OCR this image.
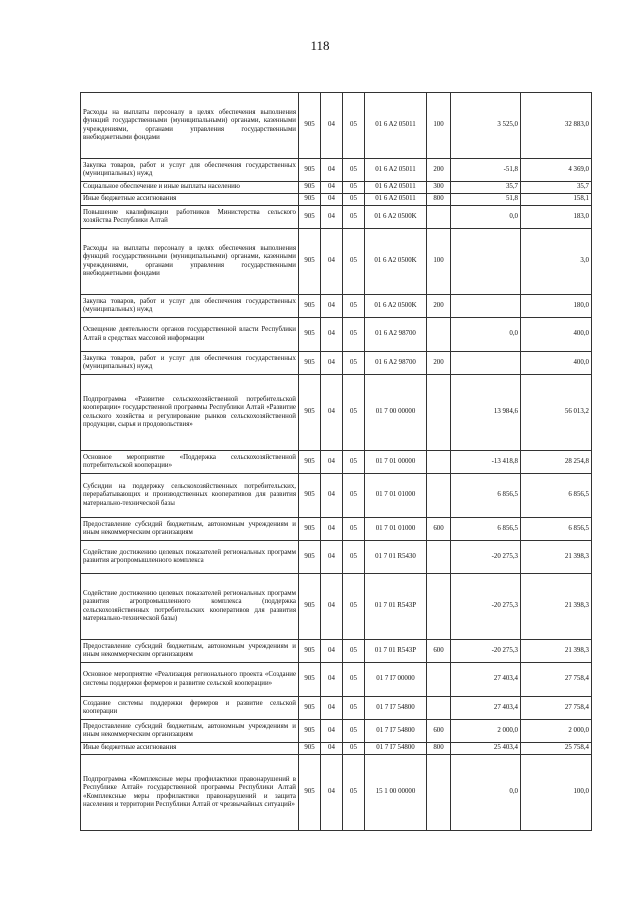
118
Расходы на выплаты персоналу в целях обеспечения выполнения функций государственными (муниципальными) органами, казенными учреждениями, органами управления государственными внебюджетными фондами	905	04	05	01 6 A2 05011	100	3 525,0	32 883,0
Закупка товаров, работ и услуг для обеспечения государственных (муниципальных) нужд	905	04	05	01 6 A2 05011	200	-51,8	4 369,0
Социальное обеспечение и иные выплаты населению	905	04	05	01 6 A2 05011	300	35,7	35,7
Иные бюджетные ассигнования	905	04	05	01 6 A2 05011	800	51,8	158,1
Повышение квалификации работников Министерства сельского хозяйства Республики Алтай	905	04	05	01 6 A2 0500K		0,0	183,0
Расходы на выплаты персоналу в целях обеспечения выполнения функций государственными (муниципальными) органами, казенными учреждениями, органами управления государственными внебюджетными фондами	905	04	05	01 6 A2 0500K	100		3,0
Закупка товаров, работ и услуг для обеспечения государственных (муниципальных) нужд	905	04	05	01 6 A2 0500K	200		180,0
Освещение деятельности органов государственной власти Республики Алтай в средствах массовой информации	905	04	05	01 6 A2 98700		0,0	400,0
Закупка товаров, работ и услуг для обеспечения государственных (муниципальных) нужд	905	04	05	01 6 A2 98700	200		400,0
Подпрограмма «Развитие сельскохозяйственной потребительской кооперации» государственной программы Республики Алтай «Развитие сельского хозяйства и регулирование рынков сельскохозяйственной продукции, сырья и продовольствия»	905	04	05	01 7 00 00000		13 984,6	56 013,2
Основное мероприятие «Поддержка сельскохозяйственной потребительской кооперации»	905	04	05	01 7 01 00000		-13 418,8	28 254,8
Субсидии на поддержку сельскохозяйственных потребительских, перерабатывающих и производственных кооперативов для развития материально-технической базы	905	04	05	01 7 01 01000		6 856,5	6 856,5
Предоставление субсидий бюджетным, автономным учреждениям и иным некоммерческим организациям	905	04	05	01 7 01 01000	600	6 856,5	6 856,5
Содействие достижению целевых показателей региональных программ развития агропромышленного комплекса	905	04	05	01 7 01 R5430		-20 275,3	21 398,3
Содействие достижению целевых показателей региональных программ развития агропромышленного комплекса (поддержка сельскохозяйственных потребительских кооперативов для развития материально-технической базы)	905	04	05	01 7 01 R543P		-20 275,3	21 398,3
Предоставление субсидий бюджетным, автономным учреждениям и иным некоммерческим организациям	905	04	05	01 7 01 R543P	600	-20 275,3	21 398,3
Основное мероприятие «Реализация регионального проекта «Создание системы поддержки фермеров и развитие сельской кооперации»	905	04	05	01 7 I7 00000		27 403,4	27 758,4
Создание системы поддержки фермеров и развитие сельской кооперации	905	04	05	01 7 I7 54800		27 403,4	27 758,4
Предоставление субсидий бюджетным, автономным учреждениям и иным некоммерческим организациям	905	04	05	01 7 I7 54800	600	2 000,0	2 000,0
Иные бюджетные ассигнования	905	04	05	01 7 I7 54800	800	25 403,4	25 758,4
Подпрограмма «Комплексные меры профилактики правонарушений в Республике Алтай» государственной программы Республики Алтай «Комплексные меры профилактики правонарушений и защита населения и территории Республики Алтай от чрезвычайных ситуаций»	905	04	05	15 1 00 00000		0,0	100,0
